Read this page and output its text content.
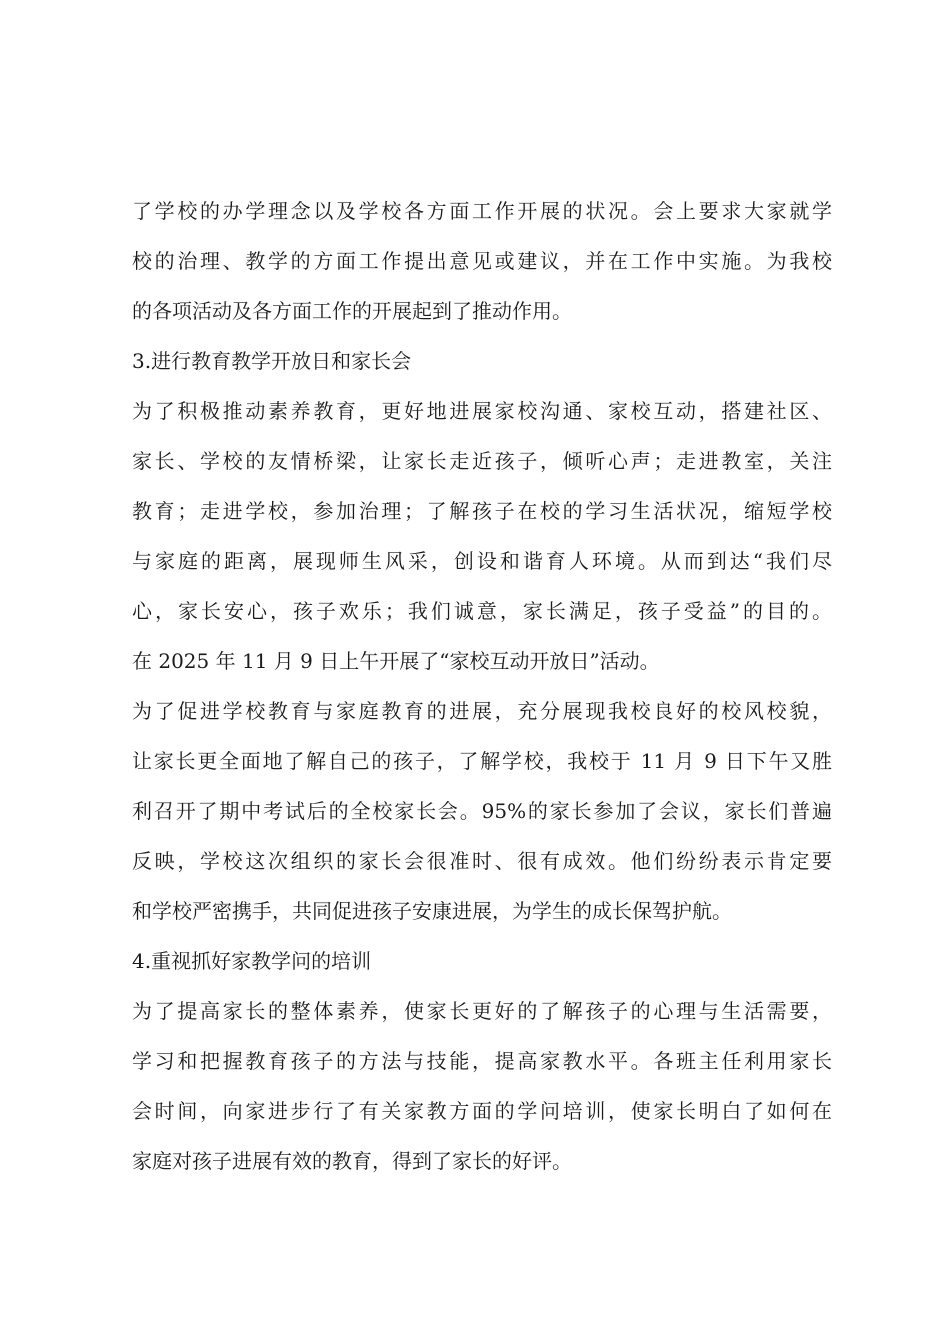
了学校的办学理念以及学校各方面工作开展的状况。会上要求大家就学
校的治理、教学的方面工作提出意见或建议，并在工作中实施。为我校
的各项活动及各方面工作的开展起到了推动作用。
3.进行教育教学开放日和家长会
为了积极推动素养教育，更好地进展家校沟通、家校互动，搭建社区、
家长、学校的友情桥梁，让家长走近孩子，倾听心声；走进教室，关注
教育；走进学校，参加治理；了解孩子在校的学习生活状况，缩短学校
与家庭的距离，展现师生风采，创设和谐育人环境。从而到达“我们尽
心，家长安心，孩子欢乐；我们诚意，家长满足，孩子受益”的目的。
在 2025 年 11 月 9 日上午开展了“家校互动开放日”活动。
为了促进学校教育与家庭教育的进展，充分展现我校良好的校风校貌，
让家长更全面地了解自己的孩子，了解学校，我校于 11 月 9 日下午又胜
利召开了期中考试后的全校家长会。95%的家长参加了会议，家长们普遍
反映，学校这次组织的家长会很准时、很有成效。他们纷纷表示肯定要
和学校严密携手，共同促进孩子安康进展，为学生的成长保驾护航。
4.重视抓好家教学问的培训
为了提高家长的整体素养，使家长更好的了解孩子的心理与生活需要，
学习和把握教育孩子的方法与技能，提高家教水平。各班主任利用家长
会时间，向家进步行了有关家教方面的学问培训，使家长明白了如何在
家庭对孩子进展有效的教育，得到了家长的好评。
